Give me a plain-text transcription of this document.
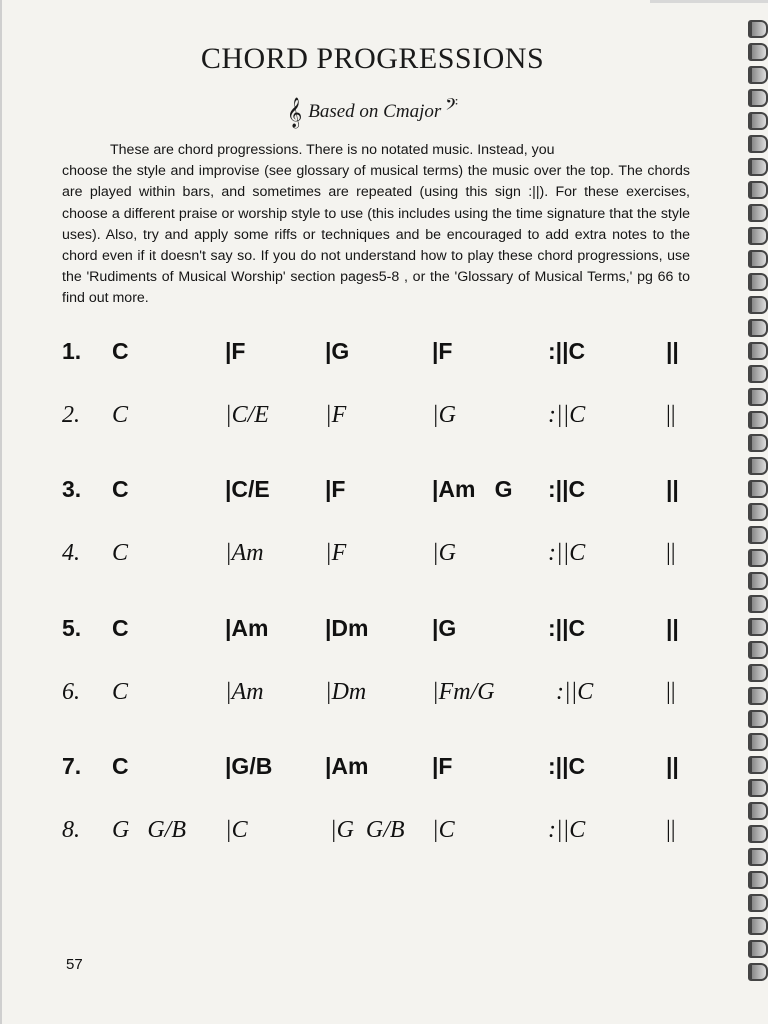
CHORD PROGRESSIONS
𝄞 Based on Cmajor 𝄢
These are chord progressions. There is no notated music. Instead, you
choose the style and improvise (see glossary of musical terms) the music over the top. The chords are played within bars, and sometimes are repeated (using this sign :||). For these exercises, choose a different praise or worship style to use (this includes using the time signature that the style uses). Also, try and apply some riffs or techniques and be encouraged to add extra notes to the chord even if it doesn't say so. If you do not understand how to play these chord progressions, use the 'Rudiments of Musical Worship' section pages5-8 , or the 'Glossary of Musical Terms,' pg 66 to find out more.
1. C	|F	|G	|F	:||C	||
2. C	|C/E |F	|G	:||C	||
3. C	|C/E |F	|Am   G :||C	||
4. C	|Am	|F	|G	:||C	||
5. C	|Am |Dm	|G	:||C	||
6. C	|Am	|Dm	|Fm/G	:||C	||
7. C	|G/B |Am	|F	:||C	||
8. G   G/B |C	|G  G/B |C	:||C	||
57
